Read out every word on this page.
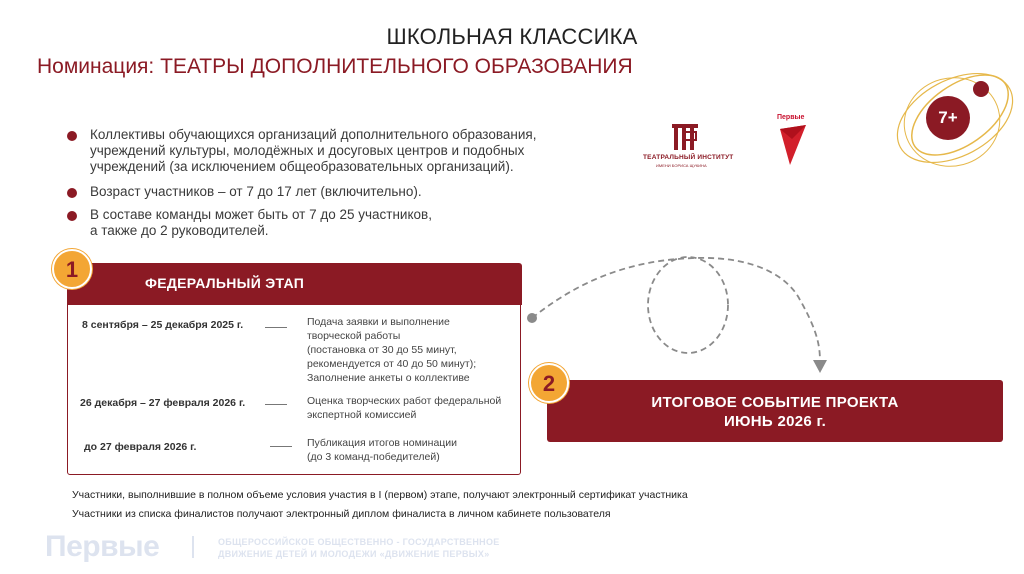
7+
ШКОЛЬНАЯ КЛАССИКА
Номинация: ТЕАТРЫ ДОПОЛНИТЕЛЬНОГО ОБРАЗОВАНИЯ
Коллективы обучающихся организаций дополнительного образования,
учреждений культуры, молодёжных и досуговых центров и подобных
учреждений (за исключением общеобразовательных организаций).
Возраст участников – от 7 до 17 лет (включительно).
В составе команды может быть от 7 до 25 участников,
а также до 2 руководителей.
ТЕАТРАЛЬНЫЙ ИНСТИТУТ
ИМЕНИ БОРИСА ЩУКИНА
Первые
ФЕДЕРАЛЬНЫЙ ЭТАП
1
8 сентября – 25 декабря 2025 г.	Подача заявки и выполнение
творческой работы
(постановка от 30 до 55 минут,
рекомендуется от 40 до 50 минут);
Заполнение анкеты о коллективе
26 декабря – 27 февраля 2026 г.	Оценка творческих работ федеральной
экспертной комиссией
до 27 февраля 2026 г.	Публикация итогов номинации
(до 3 команд-победителей)
ИТОГОВОЕ СОБЫТИЕ ПРОЕКТА
ИЮНЬ 2026 г.
2
Участники, выполнившие в полном объеме условия участия в I (первом) этапе, получают электронный сертификат участника
Участники из списка финалистов получают электронный диплом финалиста в личном кабинете пользователя
Первые	ОБЩЕРОССИЙСКОЕ ОБЩЕСТВЕННО - ГОСУДАРСТВЕННОЕ
ДВИЖЕНИЕ ДЕТЕЙ И МОЛОДЕЖИ «ДВИЖЕНИЕ ПЕРВЫХ»
